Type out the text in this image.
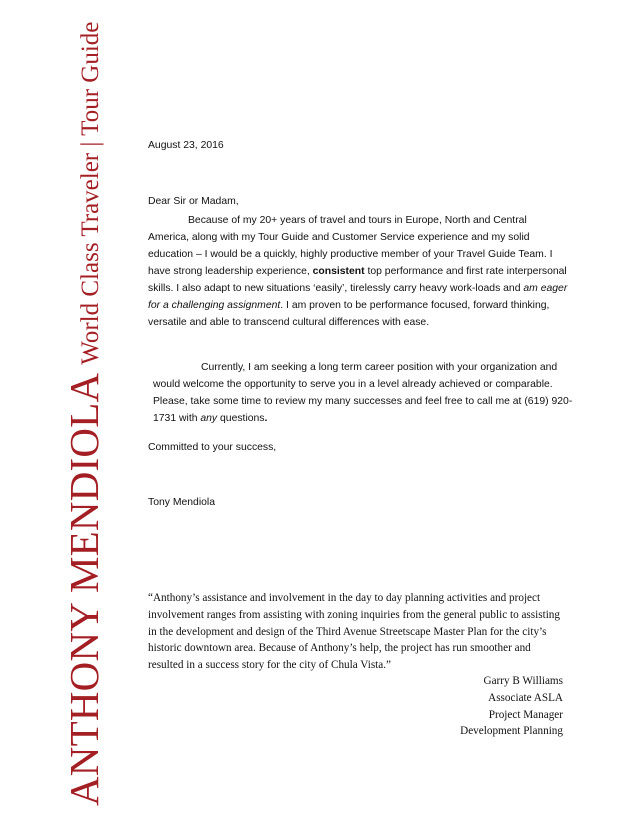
ANTHONY MENDIOLA World Class Traveler | Tour Guide	August 23, 2016
Dear Sir or Madam,
Because of my 20+ years of travel and tours in Europe, North and Central America, along with my Tour Guide and Customer Service experience and my solid education – I would be a quickly, highly productive member of your Travel Guide Team. I have strong leadership experience, consistent top performance and first rate interpersonal skills. I also adapt to new situations ‘easily’, tirelessly carry heavy work-loads and am eager for a challenging assignment. I am proven to be performance focused, forward thinking, versatile and able to transcend cultural differences with ease.
Currently, I am seeking a long term career position with your organization and would welcome the opportunity to serve you in a level already achieved or comparable. Please, take some time to review my many successes and feel free to call me at (619) 920-1731 with any questions.
Committed to your success,
Tony Mendiola
“Anthony’s assistance and involvement in the day to day planning activities and project involvement ranges from assisting with zoning inquiries from the general public to assisting in the development and design of the Third Avenue Streetscape Master Plan for the city’s historic downtown area. Because of Anthony’s help, the project has run smoother and resulted in a success story for the city of Chula Vista.”
Garry B Williams
Associate ASLA
Project Manager
Development Planning
